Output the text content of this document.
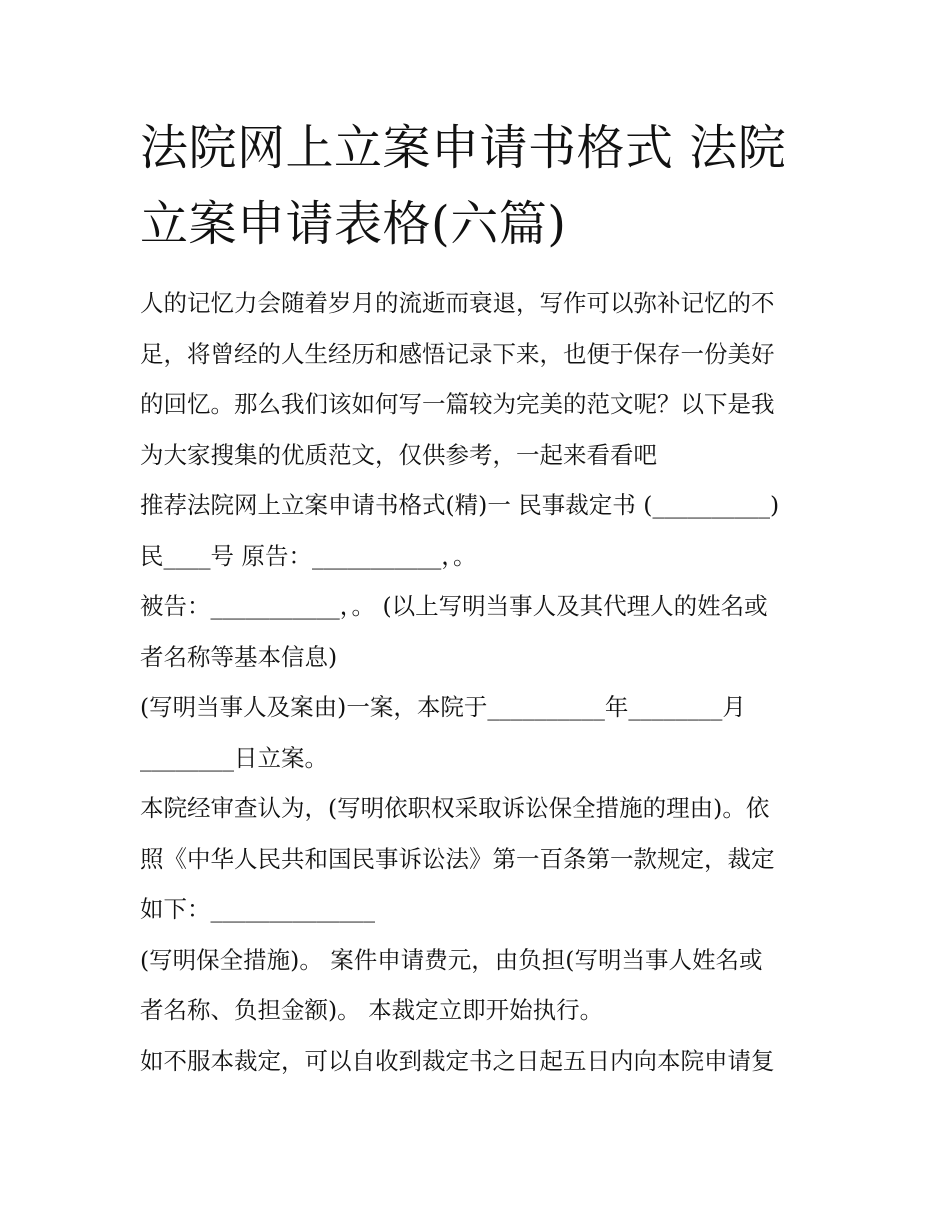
法院网上立案申请书格式 法院
立案申请表格(六篇)

人的记忆力会随着岁月的流逝而衰退，写作可以弥补记忆的不

足，将曾经的人生经历和感悟记录下来，也便于保存一份美好

的回忆。那么我们该如何写一篇较为完美的范文呢？以下是我

为大家搜集的优质范文，仅供参考，一起来看看吧

推荐法院网上立案申请书格式(精)一 民事裁定书 (__________)

民____号 原告：___________，。

被告：___________，。 (以上写明当事人及其代理人的姓名或

者名称等基本信息)

(写明当事人及案由)一案，本院于__________年________月

________日立案。

本院经审查认为，(写明依职权采取诉讼保全措施的理由)。依

照《中华人民共和国民事诉讼法》第一百条第一款规定，裁定

如下：______________

(写明保全措施)。 案件申请费元，由负担(写明当事人姓名或

者名称、负担金额)。 本裁定立即开始执行。

如不服本裁定，可以自收到裁定书之日起五日内向本院申请复
